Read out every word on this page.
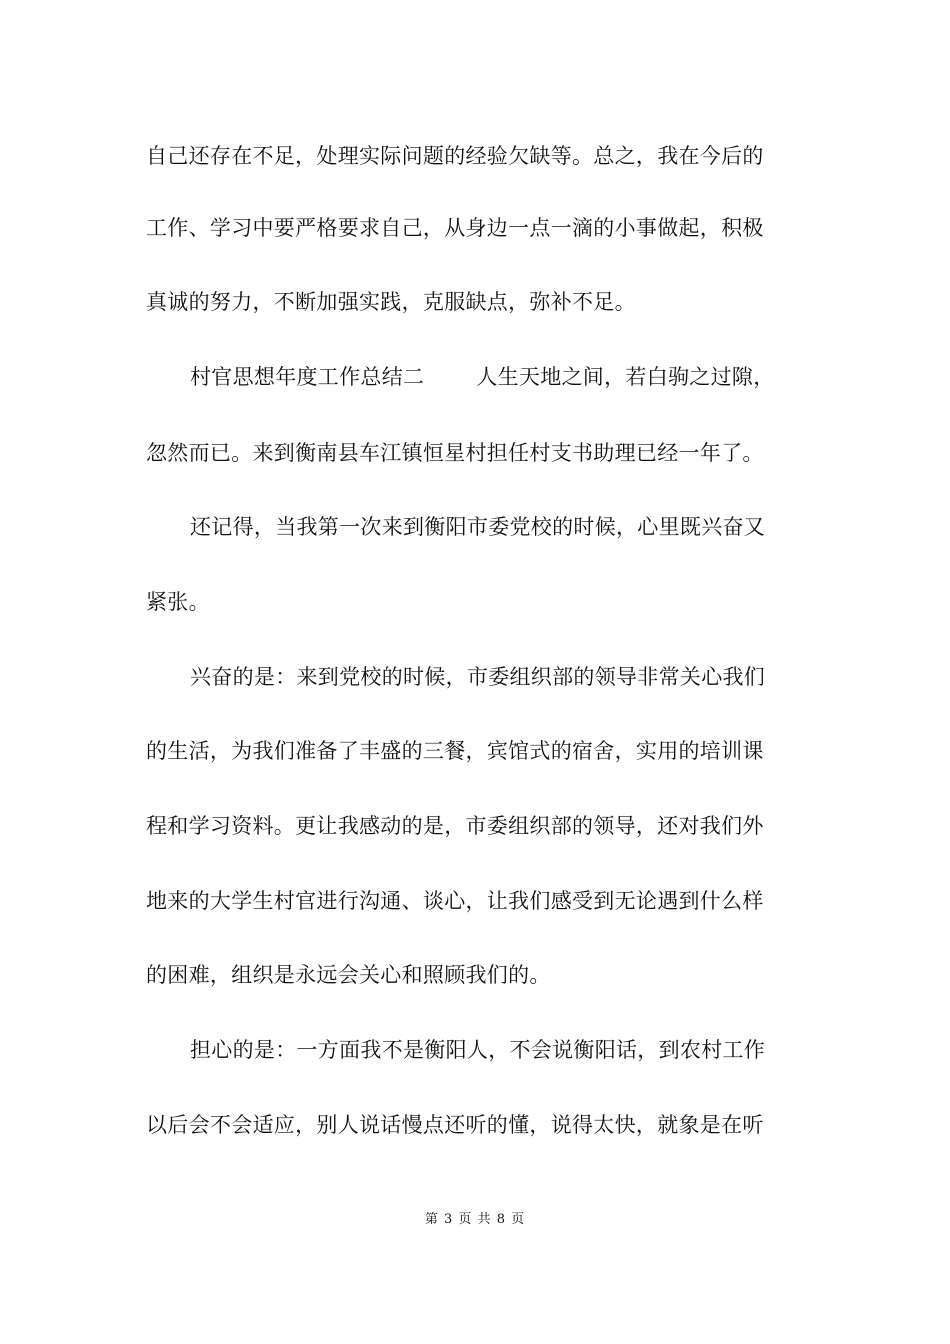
自己还存在不足，处理实际问题的经验欠缺等。总之，我在今后的
工作、学习中要严格要求自己，从身边一点一滴的小事做起，积极
真诚的努力，不断加强实践，克服缺点，弥补不足。
村官思想年度工作总结二 人生天地之间，若白驹之过隙，
忽然而已。来到衡南县车江镇恒星村担任村支书助理已经一年了。
还记得，当我第一次来到衡阳市委党校的时候，心里既兴奋又
紧张。
兴奋的是：来到党校的时候，市委组织部的领导非常关心我们
的生活，为我们准备了丰盛的三餐，宾馆式的宿舍，实用的培训课
程和学习资料。更让我感动的是，市委组织部的领导，还对我们外
地来的大学生村官进行沟通、谈心，让我们感受到无论遇到什么样
的困难，组织是永远会关心和照顾我们的。
担心的是：一方面我不是衡阳人，不会说衡阳话，到农村工作
以后会不会适应，别人说话慢点还听的懂，说得太快，就象是在听
第 3 页 共 8 页
